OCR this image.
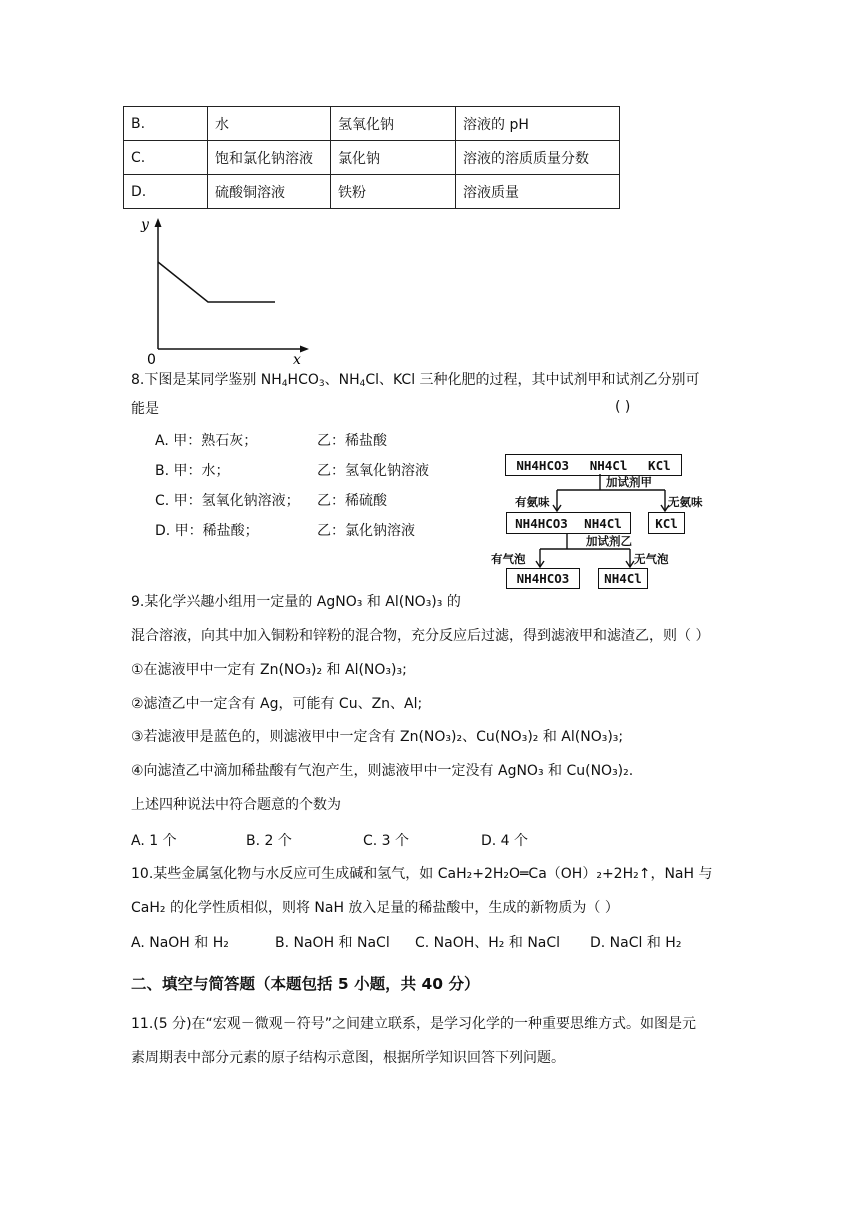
B.	水	氢氧化钠	溶液的 pH
C.	饱和氯化钠溶液	氯化钠	溶液的溶质质量分数
D.	硫酸铜溶液	铁粉	溶液质量
y
0	x
8.下图是某同学鉴别 $NH_4HCO_3$、$NH_4Cl$、KCl 三种化肥的过程，其中试剂甲和试剂乙分别可
能是	( )
A. 甲：熟石灰；	乙：稀盐酸
B. 甲：水；	乙：氢氧化钠溶液
C. 甲：氢氧化钠溶液； 乙：稀硫酸
D. 甲：稀盐酸；	乙：氯化钠溶液
NH4HCO3 NH4Cl KCl
加试剂甲
有氨味	无氨味
NH4HCO3 NH4Cl	KCl
加试剂乙
有气泡	无气泡
NH4HCO3	NH4Cl
9.某化学兴趣小组用一定量的 AgNO₃ 和 Al(NO₃)₃ 的
混合溶液，向其中加入铜粉和锌粉的混合物，充分反应后过滤，得到滤液甲和滤渣乙，则（ ）
①在滤液甲中一定有 Zn(NO₃)₂ 和 Al(NO₃)₃;
②滤渣乙中一定含有 Ag，可能有 Cu、Zn、Al;
③若滤液甲是蓝色的，则滤液甲中一定含有 Zn(NO₃)₂、Cu(NO₃)₂ 和 Al(NO₃)₃;
④向滤渣乙中滴加稀盐酸有气泡产生，则滤液甲中一定没有 AgNO₃ 和 Cu(NO₃)₂.
上述四种说法中符合题意的个数为
A. 1 个	B. 2 个	C. 3 个	D. 4 个
10.某些金属氢化物与水反应可生成碱和氢气，如 CaH₂+2H₂O═Ca（OH）₂+2H₂↑，NaH 与
CaH₂ 的化学性质相似，则将 NaH 放入足量的稀盐酸中，生成的新物质为（ ）
A. NaOH 和 H₂	B. NaOH 和 NaCl C. NaOH、H₂ 和 NaCl D. NaCl 和 H₂
二、填空与简答题（本题包括 5 小题，共 40 分）
11.(5 分)在“宏观－微观－符号”之间建立联系，是学习化学的一种重要思维方式。如图是元
素周期表中部分元素的原子结构示意图，根据所学知识回答下列问题。
